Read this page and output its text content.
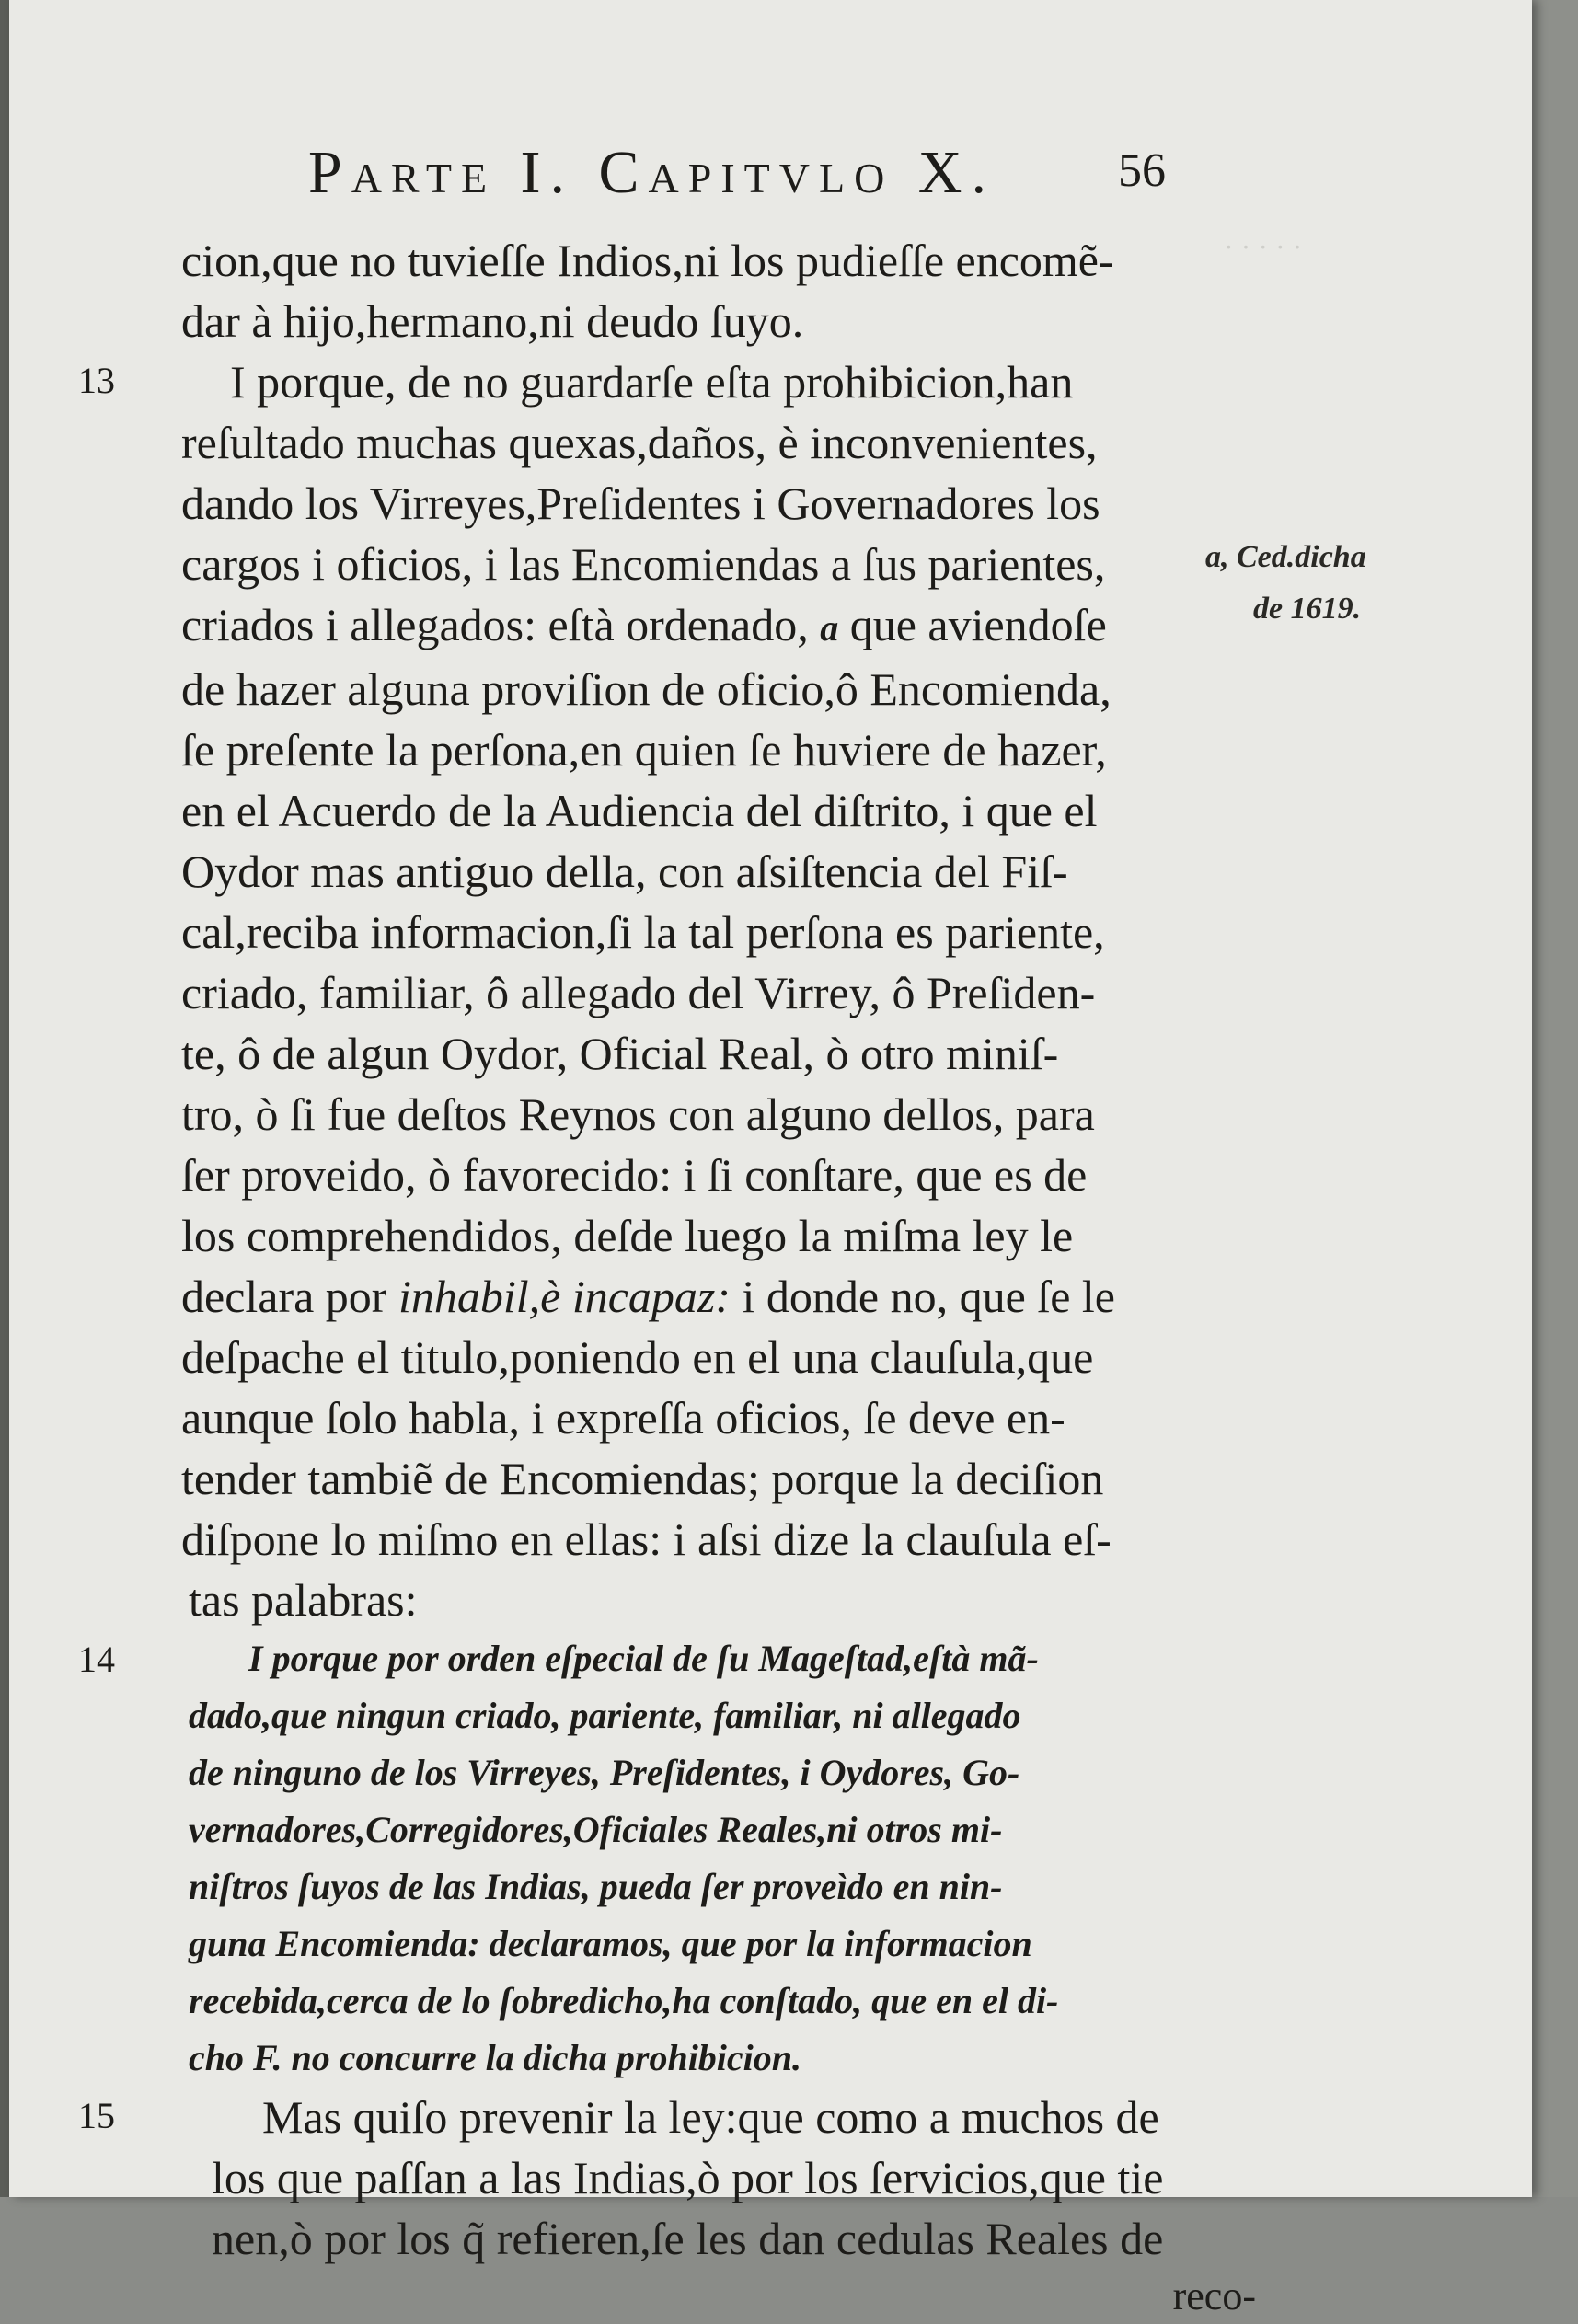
· · · · ·
Parte I. Capitvlo X.	56
cion,que no tuvieſſe Indios,ni los pudieſſe encomẽ-
dar à hijo,hermano,ni deudo ſuyo.
13	I porque, de no guardarſe eſta prohibicion,han
reſultado muchas quexas,daños, è inconvenientes,
dando los Virreyes,Preſidentes i Governadores los
cargos i oficios, i las Encomiendas a ſus parientes,
criados i allegados: eſtà ordenado, a que aviendoſe
de hazer alguna proviſion de oficio,ô Encomienda,
ſe preſente la perſona,en quien ſe huviere de hazer,
en el Acuerdo de la Audiencia del diſtrito, i que el
Oydor mas antiguo della, con aſsiſtencia del Fiſ-
cal,reciba informacion,ſi la tal perſona es pariente,
criado, familiar, ô allegado del Virrey, ô Preſiden-
te, ô de algun Oydor, Oficial Real, ò otro miniſ-
tro, ò ſi fue deſtos Reynos con alguno dellos, para
ſer proveido, ò favorecido: i ſi conſtare, que es de
los comprehendidos, deſde luego la miſma ley le
declara por inhabil,è incapaz: i donde no, que ſe le
deſpache el titulo,poniendo en el una clauſula,que
aunque ſolo habla, i expreſſa oficios, ſe deve en-
tender tambiẽ de Encomiendas; porque la deciſion
diſpone lo miſmo en ellas: i aſsi dize la clauſula eſ-
tas palabras:
14	I porque por orden eſpecial de ſu Mageſtad,eſtà mã-
dado,que ningun criado, pariente, familiar, ni allegado
de ninguno de los Virreyes, Preſidentes, i Oydores, Go-
vernadores,Corregidores,Oficiales Reales,ni otros mi-
niſtros ſuyos de las Indias, pueda ſer proveìdo en nin-
guna Encomienda: declaramos, que por la informacion
recebida,cerca de lo ſobredicho,ha conſtado, que en el di-
cho F. no concurre la dicha prohibicion.
15	Mas quiſo prevenir la ley:que como a muchos de
los que paſſan a las Indias,ò por los ſervicios,que tie
nen,ò por los q̃ refieren,ſe les dan cedulas Reales de
reco-
a, Ced.dicha
de 1619.
